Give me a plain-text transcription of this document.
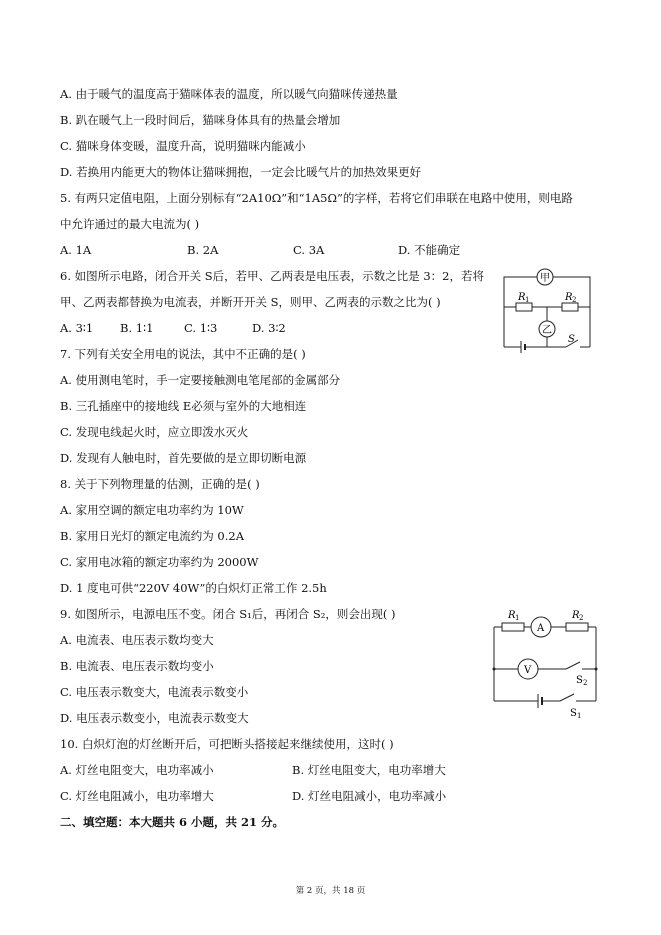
A. 由于暖气的温度高于猫咪体表的温度，所以暖气向猫咪传递热量
B. 趴在暖气上一段时间后，猫咪身体具有的热量会增加
C. 猫咪身体变暖，温度升高，说明猫咪内能减小
D. 若换用内能更大的物体让猫咪拥抱，一定会比暖气片的加热效果更好
5. 有两只定值电阻，上面分别标有“2A10Ω”和“1A5Ω”的字样，若将它们串联在电路中使用，则电路
中允许通过的最大电流为( )
A. 1A	B. 2A	C. 3A	D. 不能确定
6. 如图所示电路，闭合开关 S后，若甲、乙两表是电压表，示数之比是 3：2，若将
甲、乙两表都替换为电流表，并断开开关 S，则甲、乙两表的示数之比为( )
A. 3∶1 B. 1∶1	C. 1∶3	D. 3∶2
甲
乙
R 1	R 2
S
7. 下列有关安全用电的说法，其中不正确的是( )
A. 使用测电笔时，手一定要接触测电笔尾部的金属部分
B. 三孔插座中的接地线 E必须与室外的大地相连
C. 发现电线起火时，应立即泼水灭火
D. 发现有人触电时，首先要做的是立即切断电源
8. 关于下列物理量的估测，正确的是( )
A. 家用空调的额定电功率约为 10W
B. 家用日光灯的额定电流约为 0.2A
C. 家用电冰箱的额定功率约为 2000W
D. 1 度电可供“220V 40W”的白炽灯正常工作 2.5h
9. 如图所示，电源电压不变。闭合 S₁后，再闭合 S₂，则会出现( )
A. 电流表、电压表示数均变大
B. 电流表、电压表示数均变小
C. 电压表示数变大，电流表示数变小
D. 电压表示数变小，电流表示数变大
A
V
R 1	R 2
S 2
S 1
10. 白炽灯泡的灯丝断开后，可把断头搭接起来继续使用，这时( )
A. 灯丝电阻变大，电功率减小	B. 灯丝电阻变大，电功率增大
C. 灯丝电阻减小，电功率增大	D. 灯丝电阻减小，电功率减小
二、填空题：本大题共 6 小题，共 21 分。
第 2 页，共 18 页
